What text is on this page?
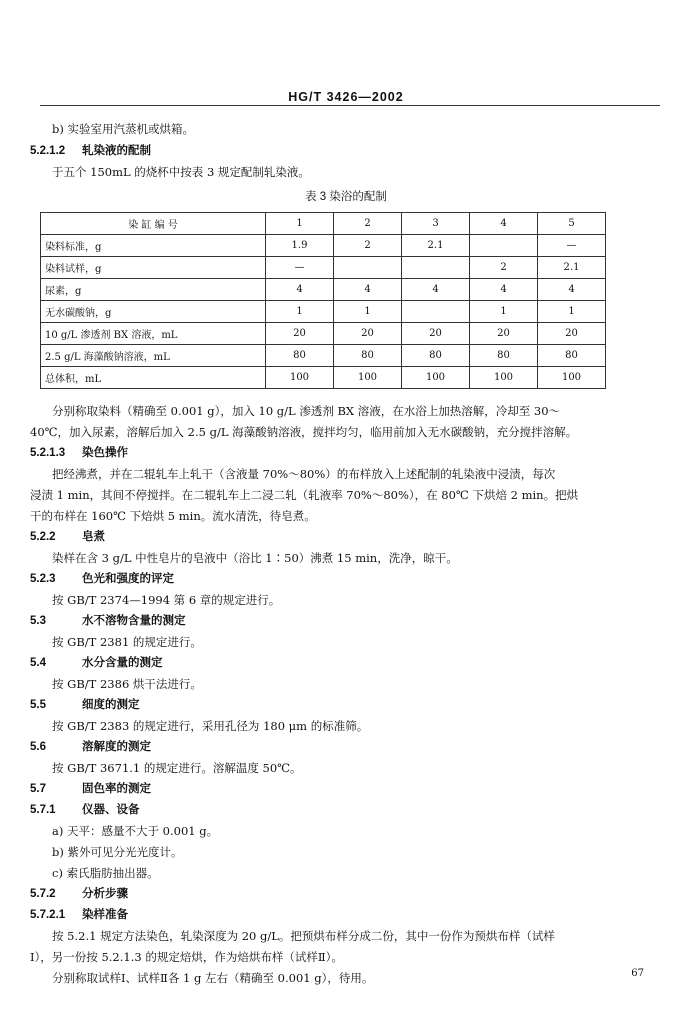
HG/T 3426—2002
b) 实验室用汽蒸机或烘箱。
5.2.1.2 轧染液的配制
于五个 150mL 的烧杯中按表 3 规定配制轧染液。
表 3 染浴的配制
染 缸 编 号	1	2	3	4	5
染料标准，g	1.9	2	2.1		—
染料试样，g	—			2	2.1
尿素，g	4	4	4	4	4
无水碳酸钠，g	1	1		1	1
10 g/L 渗透剂 BX 溶液，mL	20	20	20	20	20
2.5 g/L 海藻酸钠溶液，mL	80	80	80	80	80
总体积，mL	100	100	100	100	100
分别称取染料（精确至 0.001 g），加入 10 g/L 渗透剂 BX 溶液，在水浴上加热溶解，冷却至 30～
40℃，加入尿素，溶解后加入 2.5 g/L 海藻酸钠溶液，搅拌均匀，临用前加入无水碳酸钠，充分搅拌溶解。
5.2.1.3 染色操作
把经沸煮，并在二辊轧车上轧干（含液量 70%～80%）的布样放入上述配制的轧染液中浸渍，每次
浸渍 1 min，其间不停搅拌。在二辊轧车上二浸二轧（轧液率 70%～80%），在 80℃ 下烘焙 2 min。把烘
干的布样在 160℃ 下焙烘 5 min。流水清洗，待皂煮。
5.2.2 皂煮
染样在含 3 g/L 中性皂片的皂液中（浴比 1∶50）沸煮 15 min，洗净，晾干。
5.2.3 色光和强度的评定
按 GB/T 2374—1994 第 6 章的规定进行。
5.3	水不溶物含量的测定
按 GB/T 2381 的规定进行。
5.4	水分含量的测定
按 GB/T 2386 烘干法进行。
5.5	细度的测定
按 GB/T 2383 的规定进行，采用孔径为 180 μm 的标准筛。
5.6	溶解度的测定
按 GB/T 3671.1 的规定进行。溶解温度 50℃。
5.7	固色率的测定
5.7.1 仪器、设备
a) 天平：感量不大于 0.001 g。
b) 紫外可见分光光度计。
c) 索氏脂肪抽出器。
5.7.2 分析步骤
5.7.2.1 染样准备
按 5.2.1 规定方法染色，轧染深度为 20 g/L。把预烘布样分成二份，其中一份作为预烘布样（试样
Ⅰ），另一份按 5.2.1.3 的规定焙烘，作为焙烘布样（试样Ⅱ）。
分别称取试样Ⅰ、试样Ⅱ各 1 g 左右（精确至 0.001 g），待用。	67
